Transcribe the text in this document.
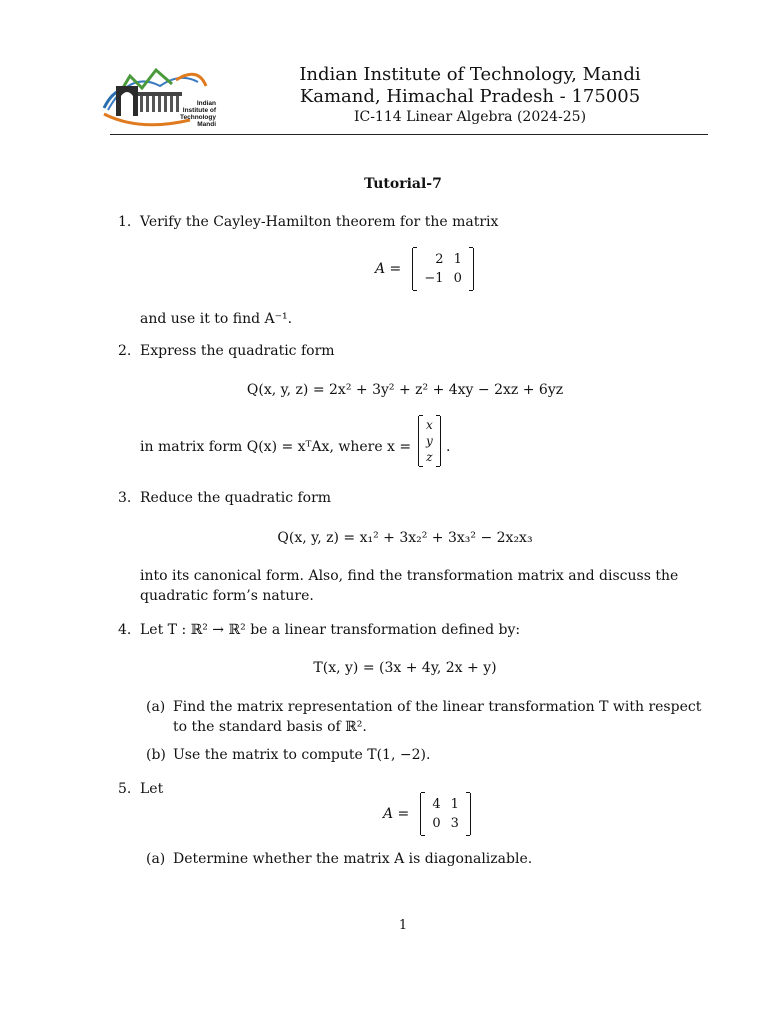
Indian
Institute of
Technology
Mandi
Indian Institute of Technology, Mandi
Kamand, Himachal Pradesh - 175005
IC-114 Linear Algebra (2024-25)
Tutorial-7
1. Verify the Cayley-Hamilton theorem for the matrix
A =
2 1
−1 0
and use it to find A⁻¹.
2. Express the quadratic form
Q(x, y, z) = 2x² + 3y² + z² + 4xy − 2xz + 6yz
in matrix form Q(x) = xᵀAx, where x =
x
y
z
.
3. Reduce the quadratic form
Q(x, y, z) = x₁² + 3x₂² + 3x₃² − 2x₂x₃
into its canonical form. Also, find the transformation matrix and discuss the quadratic form’s nature.
4. Let T : ℝ² → ℝ² be a linear transformation defined by:
T(x, y) = (3x + 4y, 2x + y)
(a) Find the matrix representation of the linear transformation T with respect to the standard basis of ℝ².
(b) Use the matrix to compute T(1, −2).
5. Let
A =
4 1
0 3
(a) Determine whether the matrix A is diagonalizable.
1
